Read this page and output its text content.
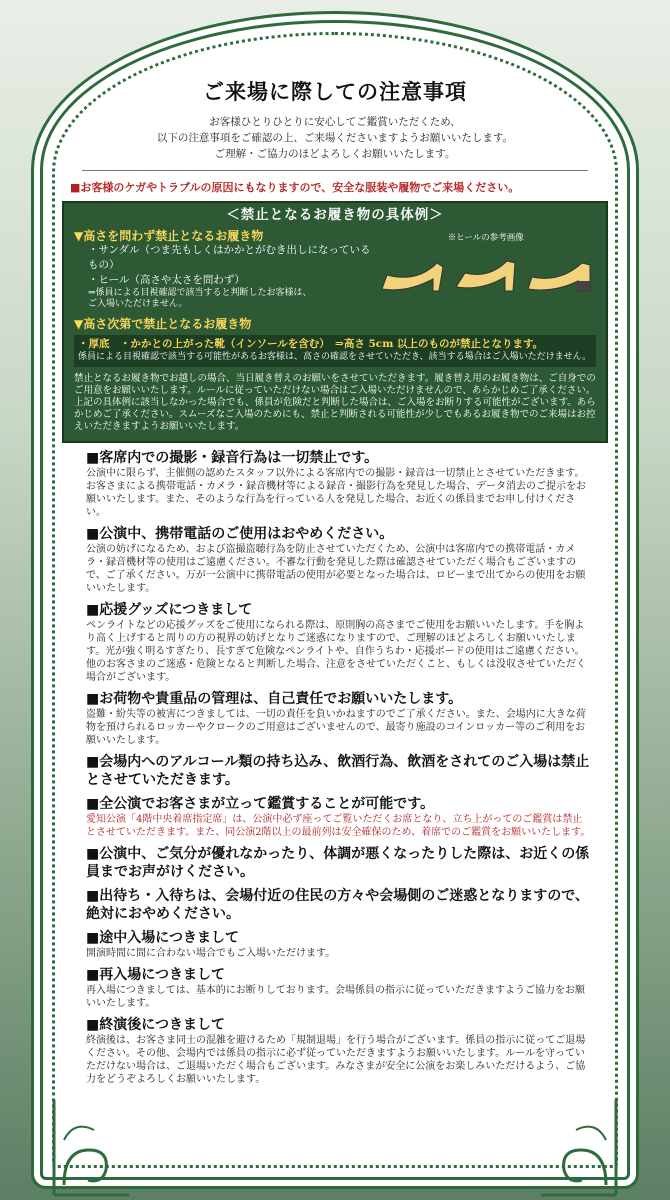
ご来場に際しての注意事項
お客様ひとりひとりに安心してご鑑賞いただくため、
以下の注意事項をご確認の上、ご来場くださいますようお願いいたします。
ご理解・ご協力のほどよろしくお願いいたします。
■お客様のケガやトラブルの原因にもなりますので、安全な服装や履物でご来場ください。
＜禁止となるお履き物の具体例＞
▼高さを問わず禁止となるお履き物
・サンダル（つま先もしくはかかとがむき出しになっているもの）
・ヒール（高さや太さを問わず）
⇒係員による目視確認で該当すると判断したお客様は、　ご入場いただけません。
※ヒールの参考画像
▼高さ次第で禁止となるお履き物
・厚底　・かかとの上がった靴（インソールを含む）　⇒高さ 5cm 以上のものが禁止となります。
係員による目視確認で該当する可能性があるお客様は、高さの確認をさせていただき、該当する場合はご入場いただけません。
禁止となるお履き物でお越しの場合、当日履き替えのお願いをさせていただきます。履き替え用のお履き物は、ご自身でのご用意をお願いいたします。ルールに従っていただけない場合はご入場いただけませんので、あらかじめご了承ください。上記の具体例に該当しなかった場合でも、係員が危険だと判断した場合は、ご入場をお断りする可能性がございます。あらかじめご了承ください。スムーズなご入場のためにも、禁止と判断される可能性が少しでもあるお履き物でのご来場はお控えいただきますようお願いいたします。
■客席内での撮影・録音行為は一切禁止です。

公演中に限らず、主催側の認めたスタッフ以外による客席内での撮影・録音は一切禁止とさせていただきます。お客さまによる携帯電話・カメラ・録音機材等による録音・撮影行為を発見した場合、データ消去のご提示をお願いいたします。また、そのような行為を行っている人を発見した場合、お近くの係員までお申し付けください。

■公演中、携帯電話のご使用はおやめください。

公演の妨げになるため、および盗撮盗聴行為を防止させていただくため、公演中は客席内での携帯電話・カメラ・録音機材等の使用はご遠慮ください。不審な行動を発見した際は確認させていただく場合もございますので、ご了承ください。万が一公演中に携帯電話の使用が必要となった場合は、ロビーまで出てからの使用をお願いいたします。

■応援グッズにつきまして

ペンライトなどの応援グッズをご使用になられる際は、原則胸の高さまでご使用をお願いいたします。手を胸より高く上げすると周りの方の視界の妨げとなりご迷惑になりますので、ご理解のほどよろしくお願いいたします。光が強く明るすぎたり、長すぎて危険なペンライトや、自作うちわ・応援ボードの使用はご遠慮ください。他のお客さまのご迷惑・危険となると判断した場合、注意をさせていただくこと、もしくは没収させていただく場合がございます。

■お荷物や貴重品の管理は、自己責任でお願いいたします。

盗難・紛失等の被害につきましては、一切の責任を負いかねますのでご了承ください。また、会場内に大きな荷物を預けられるロッカーやクロークのご用意はございませんので、最寄り施設のコインロッカー等のご利用をお願いいたします。

■会場内へのアルコール類の持ち込み、飲酒行為、飲酒をされてのご入場は禁止とさせていただきます。
■全公演でお客さまが立って鑑賞することが可能です。

愛知公演「4階中央着席指定席」は、公演中必ず座ってご覧いただくお席となり、立ち上がってのご鑑賞は禁止とさせていただきます。また、同公演2階以上の最前列は安全確保のため、着席でのご鑑賞をお願いいたします。

■公演中、ご気分が優れなかったり、体調が悪くなったりした際は、お近くの係員までお声がけください。
■出待ち・入待ちは、会場付近の住民の方々や会場側のご迷惑となりますので、絶対におやめください。
■途中入場につきまして

開演時間に間に合わない場合でもご入場いただけます。

■再入場につきまして

再入場につきましては、基本的にお断りしております。会場係員の指示に従っていただきますようご協力をお願いいたします。

■終演後につきまして

終演後は、お客さま同士の混雑を避けるため「規制退場」を行う場合がございます。係員の指示に従ってご退場ください。その他、会場内では係員の指示に必ず従っていただきますようお願いいたします。ルールを守っていただけない場合は、ご退場いただく場合もございます。みなさまが安全に公演をお楽しみいただけるよう、ご協力をどうぞよろしくお願いいたします。
